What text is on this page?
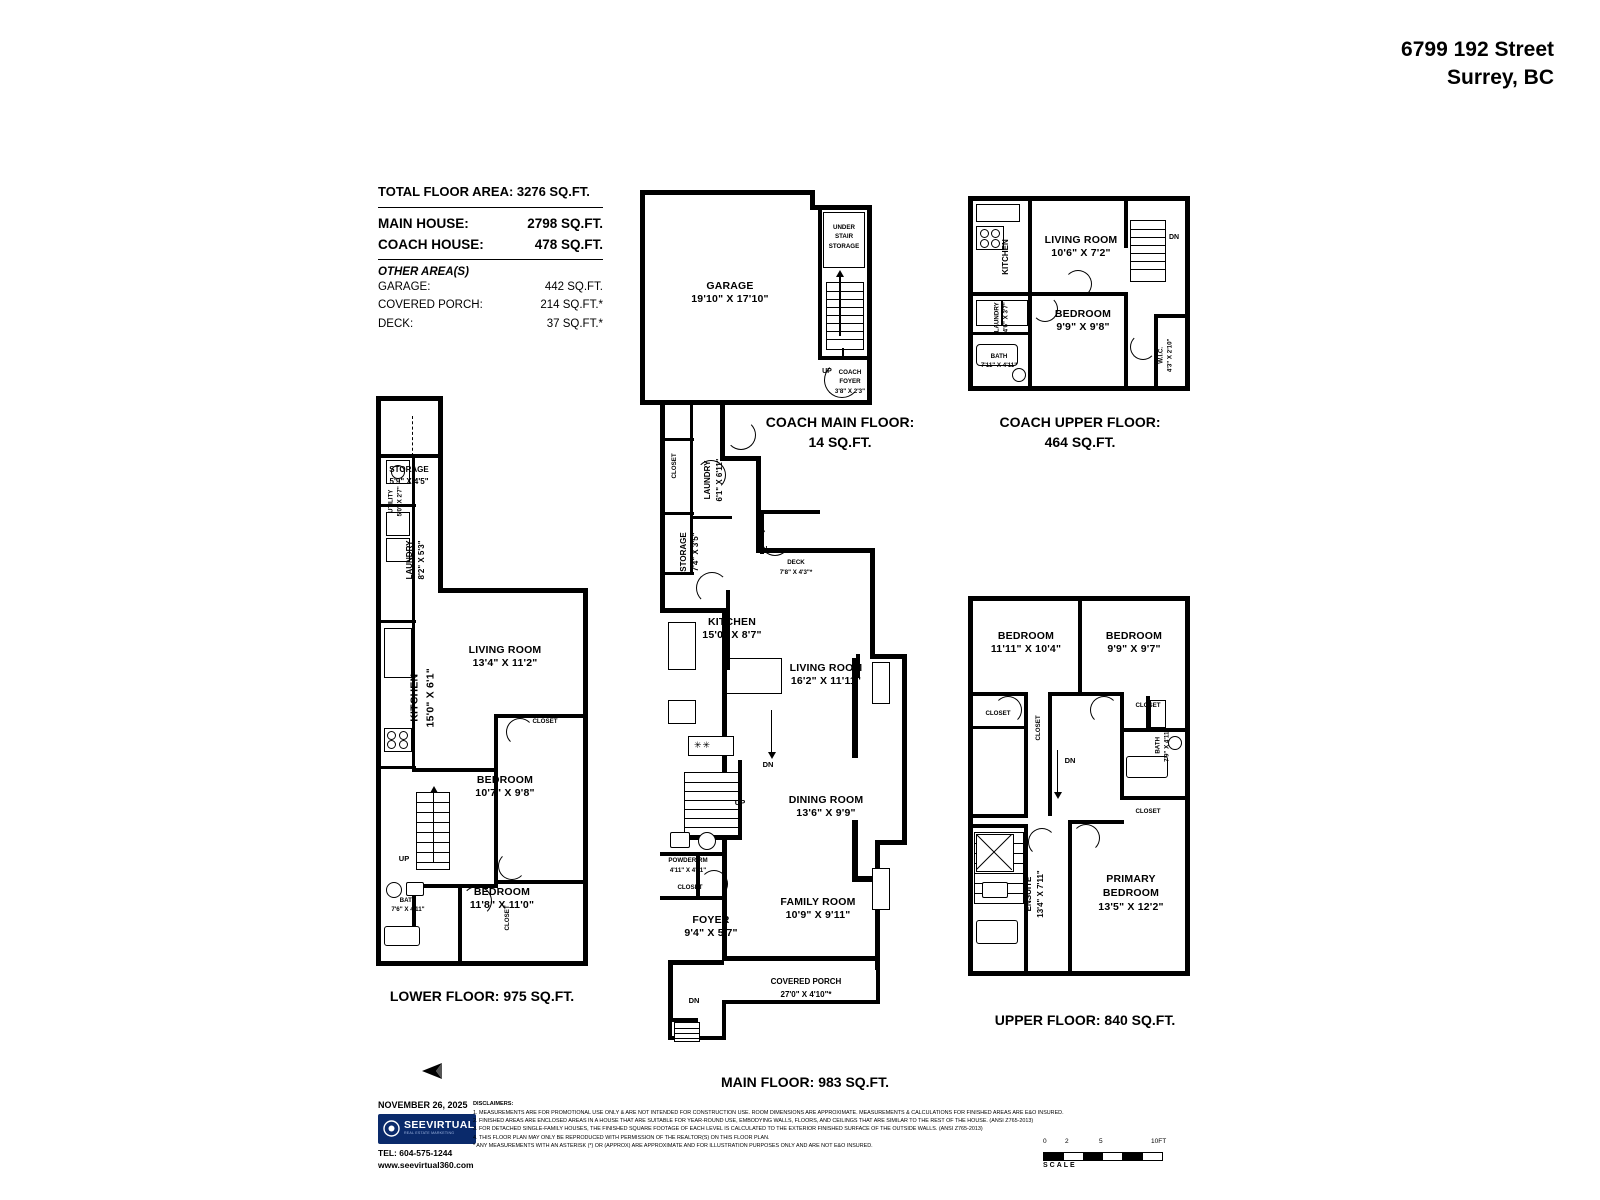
6799 192 Street
Surrey, BC
TOTAL FLOOR AREA: 3276 SQ.FT.
MAIN HOUSE:	2798 SQ.FT.
COACH HOUSE:	478 SQ.FT.
OTHER AREA(S)
GARAGE:	442 SQ.FT.
COVERED PORCH:	214 SQ.FT.*
DECK:	37 SQ.FT.*
GARAGE
19'10" X 17'10"
UNDER
STAIR
STORAGE
COACH
FOYER
3'8" X 2'3"
UP
COACH MAIN FLOOR:
14 SQ.FT.
KITCHEN	LIVING ROOM
10'6" X 7'2"
BEDROOM
9'9" X 9'8"
BATH
7'11" X 4'11"
LAUNDRY 4'6" X 3'7"
W.I.C. 4'3" X 2'10"
DN
COACH UPPER FLOOR:
464 SQ.FT.
STORAGE
5'9" X 4'5"
UTILITY 5'0" X 2'7"
LAUNDRY 8'2" X 5'3"
KITCHEN 15'0" X 6'1"
LIVING ROOM
13'4" X 11'2"
CLOSET
BEDROOM
10'7" X 9'8"
BEDROOM
11'8" X 11'0"
BATH
7'6" X 4'11"	CLOSET
UP
LOWER FLOOR: 975 SQ.FT.
✳✳
CLOSET	LAUNDRY 6'1" X 6'11"
STORAGE 7'4" X 3'5"	DECK
7'8" X 4'3"*
KITCHEN
15'0" X 8'7"
LIVING ROOM
16'2" X 11'11"
DINING ROOM
13'6" X 9'9"
FAMILY ROOM
10'9" X 9'11"
FOYER
9'4" X 5'7"
POWDER RM
4'11" X 4'11"
CLOSET
COVERED PORCH
27'0" X 4'10"*
DN
DN
DN
UP
MAIN FLOOR: 983 SQ.FT.
BEDROOM
11'11" X 10'4"
BEDROOM
9'9" X 9'7"
CLOSET
CLOSET
CLOSET
CLOSET
BATH 7'9" X 4'11"
ENSUITE 13'4" X 7'11"	PRIMARY
BEDROOM
13'5" X 12'2"
DN
UPPER FLOOR: 840 SQ.FT.
NOVEMBER 26, 2025
SEEVIRTUAL
REAL ESTATE MARKETING
TEL: 604-575-1244
www.seevirtual360.com
DISCLAIMERS:
1. MEASUREMENTS ARE FOR PROMOTIONAL USE ONLY & ARE NOT INTENDED FOR CONSTRUCTION USE. ROOM DIMENSIONS ARE APPROXIMATE. MEASUREMENTS & CALCULATIONS FOR FINISHED AREAS ARE E&O INSURED.
2. FINISHED AREAS ARE ENCLOSED AREAS IN A HOUSE THAT ARE SUITABLE FOR YEAR-ROUND USE, EMBODYING WALLS, FLOORS, AND CEILINGS THAT ARE SIMILAR TO THE REST OF THE HOUSE. (ANSI Z765-2013)
3. FOR DETACHED SINGLE-FAMILY HOUSES, THE FINISHED SQUARE FOOTAGE OF EACH LEVEL IS CALCULATED TO THE EXTERIOR FINISHED SURFACE OF THE OUTSIDE WALLS. (ANSI Z765-2013)
4. THIS FLOOR PLAN MAY ONLY BE REPRODUCED WITH PERMISSION OF THE REALTOR(S) ON THIS FLOOR PLAN.
* ANY MEASUREMENTS WITH AN ASTERISK (*) OR (APPROX) ARE APPROXIMATE AND FOR ILLUSTRATION PURPOSES ONLY AND ARE NOT E&O INSURED.
0	2	5	10FT
SCALE
